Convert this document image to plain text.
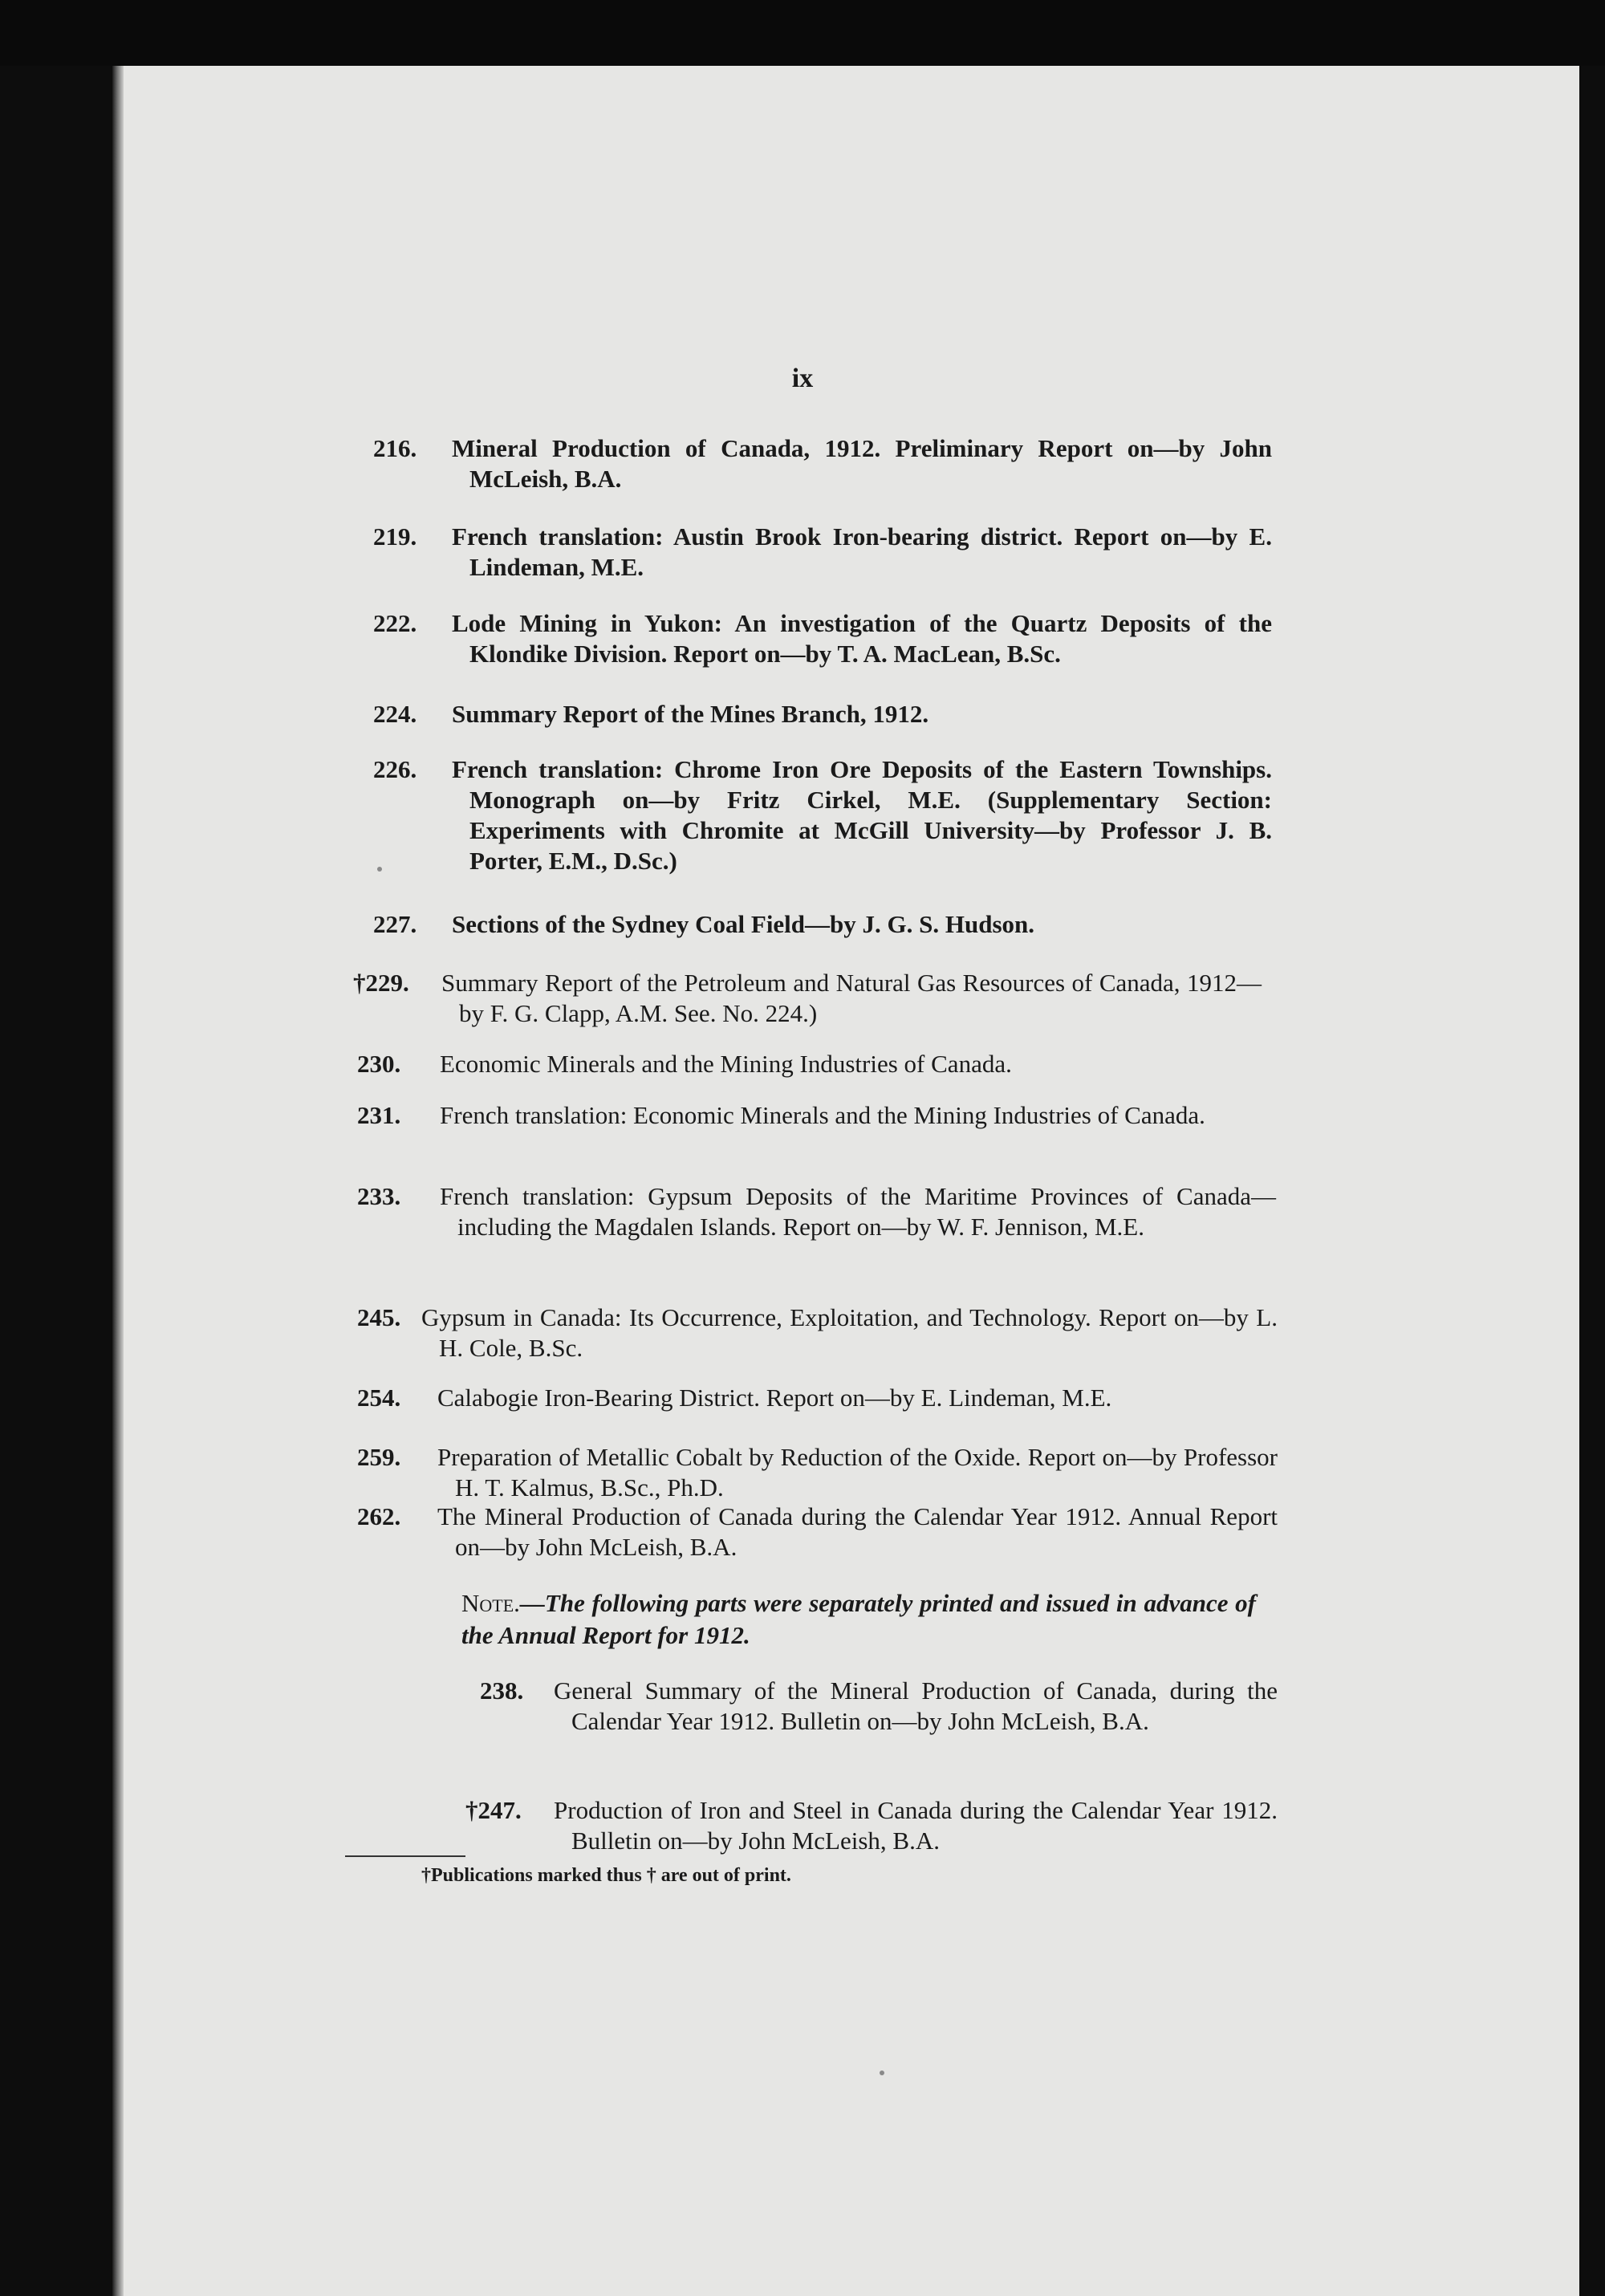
ix
216. Mineral Production of Canada, 1912. Preliminary Report on—by John McLeish, B.A.
219. French translation: Austin Brook Iron-bearing district. Report on—by E. Lindeman, M.E.
222. Lode Mining in Yukon: An investigation of the Quartz Deposits of the Klondike Division. Report on—by T. A. MacLean, B.Sc.
224. Summary Report of the Mines Branch, 1912.
226. French translation: Chrome Iron Ore Deposits of the Eastern Townships. Monograph on—by Fritz Cirkel, M.E. (Supplementary Section: Experiments with Chromite at McGill University—by Professor J. B. Porter, E.M., D.Sc.)
227. Sections of the Sydney Coal Field—by J. G. S. Hudson.
†229. Summary Report of the Petroleum and Natural Gas Resources of Canada, 1912—by F. G. Clapp, A.M. See. No. 224.)
230. Economic Minerals and the Mining Industries of Canada.
231. French translation: Economic Minerals and the Mining Industries of Canada.
233. French translation: Gypsum Deposits of the Maritime Provinces of Canada—including the Magdalen Islands. Report on—by W. F. Jennison, M.E.
245. Gypsum in Canada: Its Occurrence, Exploitation, and Technology. Report on—by L. H. Cole, B.Sc.
254. Calabogie Iron-Bearing District. Report on—by E. Lindeman, M.E.
259. Preparation of Metallic Cobalt by Reduction of the Oxide. Report on—by Professor H. T. Kalmus, B.Sc., Ph.D.
262. The Mineral Production of Canada during the Calendar Year 1912. Annual Report on—by John McLeish, B.A.
Note.—The following parts were separately printed and issued in advance of the Annual Report for 1912.
238. General Summary of the Mineral Production of Canada, during the Calendar Year 1912. Bulletin on—by John McLeish, B.A.
†247. Production of Iron and Steel in Canada during the Calendar Year 1912. Bulletin on—by John McLeish, B.A.
†Publications marked thus † are out of print.
